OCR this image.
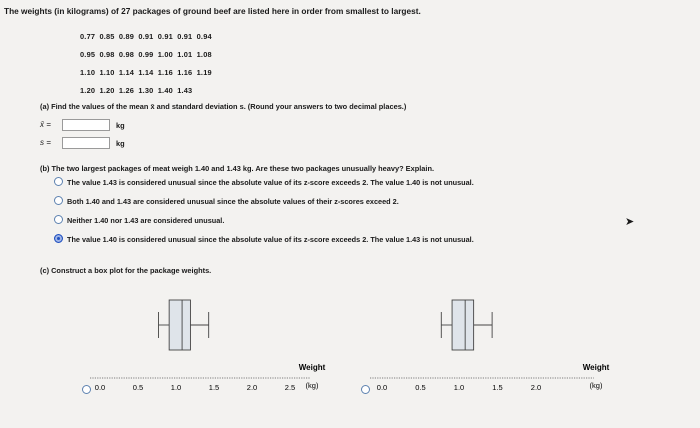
The weights (in kilograms) of 27 packages of ground beef are listed here in order from smallest to largest.
0.77 0.85 0.89 0.91 0.91 0.91 0.94
0.95 0.98 0.98 0.99 1.00 1.01 1.08
1.10 1.10 1.14 1.14 1.16 1.16 1.19
1.20 1.20 1.26 1.30 1.40 1.43
(a) Find the values of the mean x̄ and standard deviation s. (Round your answers to two decimal places.)
x̄ =	kg
s =	kg
(b) The two largest packages of meat weigh 1.40 and 1.43 kg. Are these two packages unusually heavy? Explain.
The value 1.43 is considered unusual since the absolute value of its z-score exceeds 2. The value 1.40 is not unusual.
Both 1.40 and 1.43 are considered unusual since the absolute values of their z-scores exceed 2.
Neither 1.40 nor 1.43 are considered unusual.
The value 1.40 is considered unusual since the absolute value of its z-score exceeds 2. The value 1.43 is not unusual.
➤
(c) Construct a box plot for the package weights.
0.0	0.5	1.0	1.5	2.0	2.5
Weight
(kg)	0.0	0.5	1.0	1.5	2.0
Weight
(kg)
